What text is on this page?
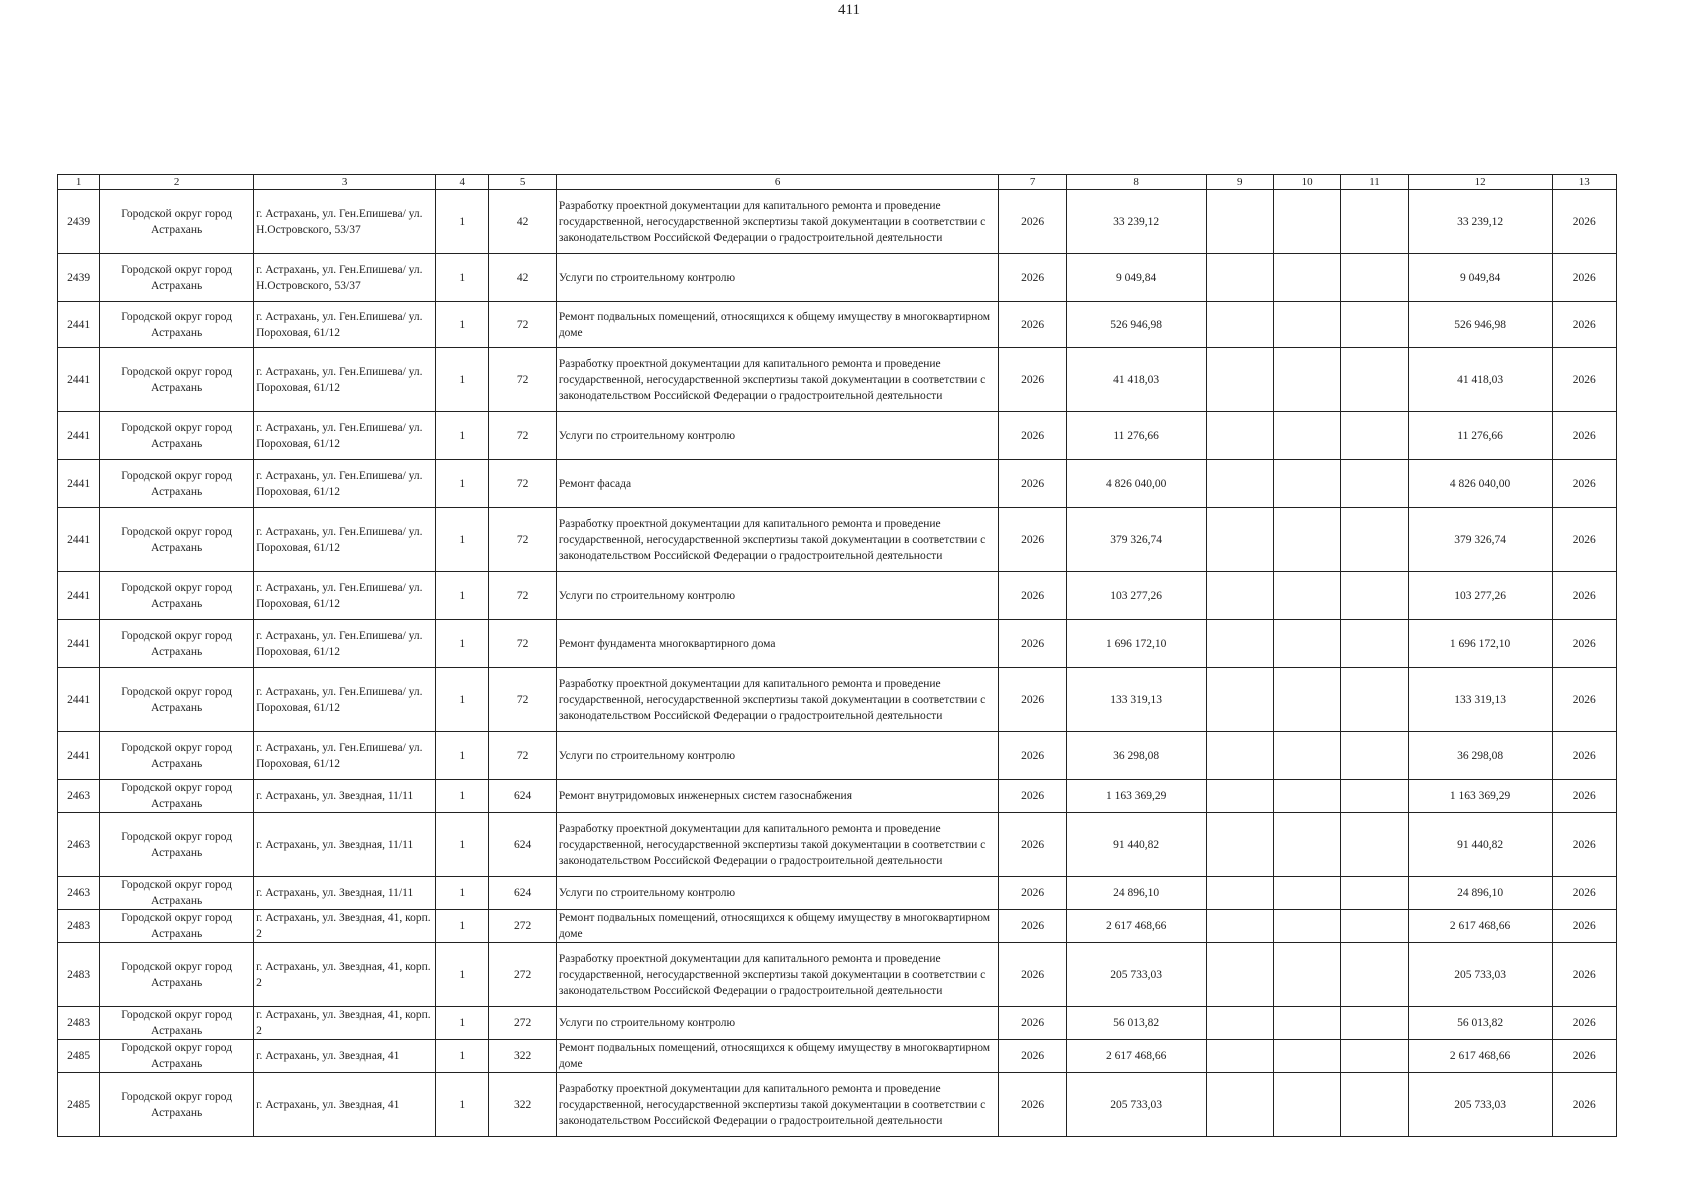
411
1	2	3	4	5	6	7	8	9	10	11	12	13
2439	Городской округ город Астрахань	г. Астрахань, ул. Ген.Епишева/ ул. Н.Островского, 53/37	1	42	Разработку проектной документации для капитального ремонта и проведение государственной, негосударственной экспертизы такой документации в соответствии с законодательством Российской Федерации о градостроительной деятельности	2026	33 239,12				33 239,12	2026
2439	Городской округ город Астрахань	г. Астрахань, ул. Ген.Епишева/ ул. Н.Островского, 53/37	1	42	Услуги по строительному контролю	2026	9 049,84				9 049,84	2026
2441	Городской округ город Астрахань	г. Астрахань, ул. Ген.Епишева/ ул. Пороховая, 61/12	1	72	Ремонт подвальных помещений, относящихся к общему имуществу в многоквартирном доме	2026	526 946,98				526 946,98	2026
2441	Городской округ город Астрахань	г. Астрахань, ул. Ген.Епишева/ ул. Пороховая, 61/12	1	72	Разработку проектной документации для капитального ремонта и проведение государственной, негосударственной экспертизы такой документации в соответствии с законодательством Российской Федерации о градостроительной деятельности	2026	41 418,03				41 418,03	2026
2441	Городской округ город Астрахань	г. Астрахань, ул. Ген.Епишева/ ул. Пороховая, 61/12	1	72	Услуги по строительному контролю	2026	11 276,66				11 276,66	2026
2441	Городской округ город Астрахань	г. Астрахань, ул. Ген.Епишева/ ул. Пороховая, 61/12	1	72	Ремонт фасада	2026	4 826 040,00				4 826 040,00	2026
2441	Городской округ город Астрахань	г. Астрахань, ул. Ген.Епишева/ ул. Пороховая, 61/12	1	72	Разработку проектной документации для капитального ремонта и проведение государственной, негосударственной экспертизы такой документации в соответствии с законодательством Российской Федерации о градостроительной деятельности	2026	379 326,74				379 326,74	2026
2441	Городской округ город Астрахань	г. Астрахань, ул. Ген.Епишева/ ул. Пороховая, 61/12	1	72	Услуги по строительному контролю	2026	103 277,26				103 277,26	2026
2441	Городской округ город Астрахань	г. Астрахань, ул. Ген.Епишева/ ул. Пороховая, 61/12	1	72	Ремонт фундамента многоквартирного дома	2026	1 696 172,10				1 696 172,10	2026
2441	Городской округ город Астрахань	г. Астрахань, ул. Ген.Епишева/ ул. Пороховая, 61/12	1	72	Разработку проектной документации для капитального ремонта и проведение государственной, негосударственной экспертизы такой документации в соответствии с законодательством Российской Федерации о градостроительной деятельности	2026	133 319,13				133 319,13	2026
2441	Городской округ город Астрахань	г. Астрахань, ул. Ген.Епишева/ ул. Пороховая, 61/12	1	72	Услуги по строительному контролю	2026	36 298,08				36 298,08	2026
2463	Городской округ город Астрахань	г. Астрахань, ул. Звездная, 11/11	1	624	Ремонт внутридомовых инженерных систем газоснабжения	2026	1 163 369,29				1 163 369,29	2026
2463	Городской округ город Астрахань	г. Астрахань, ул. Звездная, 11/11	1	624	Разработку проектной документации для капитального ремонта и проведение государственной, негосударственной экспертизы такой документации в соответствии с законодательством Российской Федерации о градостроительной деятельности	2026	91 440,82				91 440,82	2026
2463	Городской округ город Астрахань	г. Астрахань, ул. Звездная, 11/11	1	624	Услуги по строительному контролю	2026	24 896,10				24 896,10	2026
2483	Городской округ город Астрахань	г. Астрахань, ул. Звездная, 41, корп. 2	1	272	Ремонт подвальных помещений, относящихся к общему имуществу в многоквартирном доме	2026	2 617 468,66				2 617 468,66	2026
2483	Городской округ город Астрахань	г. Астрахань, ул. Звездная, 41, корп. 2	1	272	Разработку проектной документации для капитального ремонта и проведение государственной, негосударственной экспертизы такой документации в соответствии с законодательством Российской Федерации о градостроительной деятельности	2026	205 733,03				205 733,03	2026
2483	Городской округ город Астрахань	г. Астрахань, ул. Звездная, 41, корп. 2	1	272	Услуги по строительному контролю	2026	56 013,82				56 013,82	2026
2485	Городской округ город Астрахань	г. Астрахань, ул. Звездная, 41	1	322	Ремонт подвальных помещений, относящихся к общему имуществу в многоквартирном доме	2026	2 617 468,66				2 617 468,66	2026
2485	Городской округ город Астрахань	г. Астрахань, ул. Звездная, 41	1	322	Разработку проектной документации для капитального ремонта и проведение государственной, негосударственной экспертизы такой документации в соответствии с законодательством Российской Федерации о градостроительной деятельности	2026	205 733,03				205 733,03	2026
